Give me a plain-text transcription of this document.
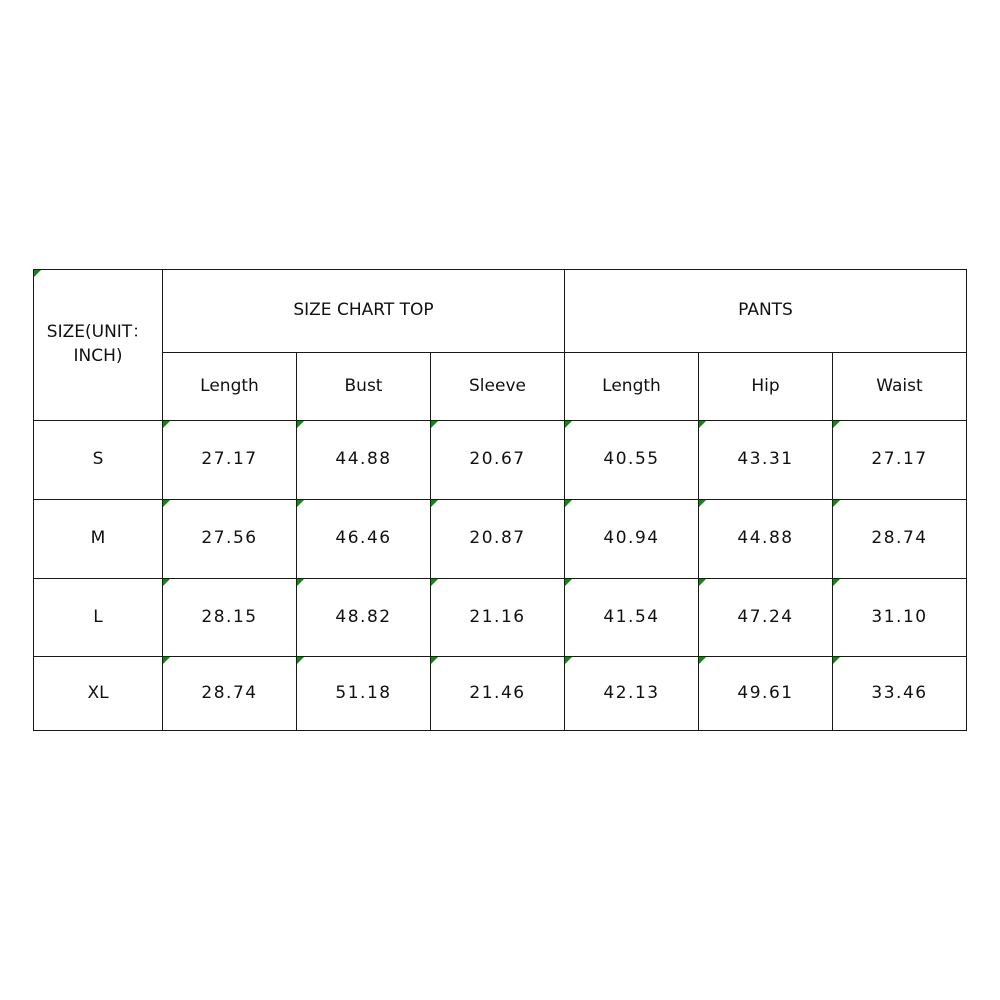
SIZE(UNIT：INCH)	SIZE CHART TOP			PANTS		
	Length	Bust	Sleeve	Length	Hip	Waist
S	27.17	44.88	20.67	40.55	43.31	27.17
M	27.56	46.46	20.87	40.94	44.88	28.74
L	28.15	48.82	21.16	41.54	47.24	31.10
XL	28.74	51.18	21.46	42.13	49.61	33.46
